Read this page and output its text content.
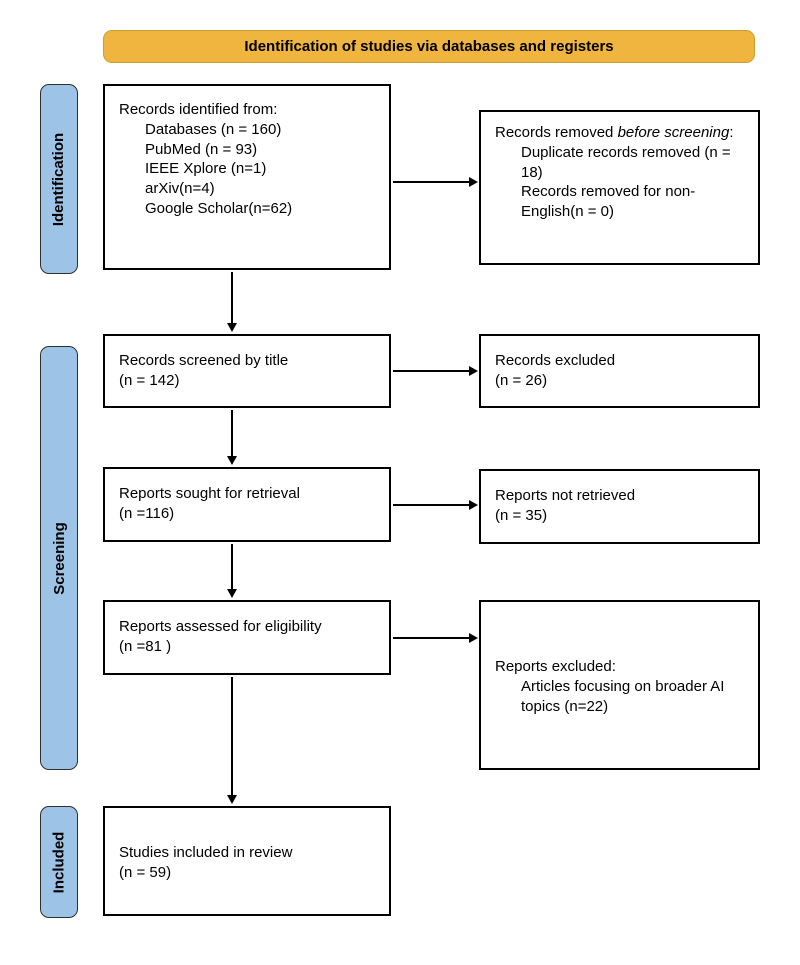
Identification of studies via databases and registers
Identification
Screening
Included
Records identified from:
Databases (n = 160)
PubMed (n = 93)
IEEE Xplore (n=1)
arXiv(n=4)
Google Scholar(n=62)
Records removed before screening:
Duplicate records removed (n = 18)
Records removed for non-English(n = 0)
Records screened by title
(n = 142)
Records excluded
(n = 26)
Reports sought for retrieval
(n =116)
Reports not retrieved
(n = 35)
Reports assessed for eligibility
(n =81 )
Reports excluded:
Articles focusing on broader AI topics (n=22)
Studies included in review
(n = 59)
